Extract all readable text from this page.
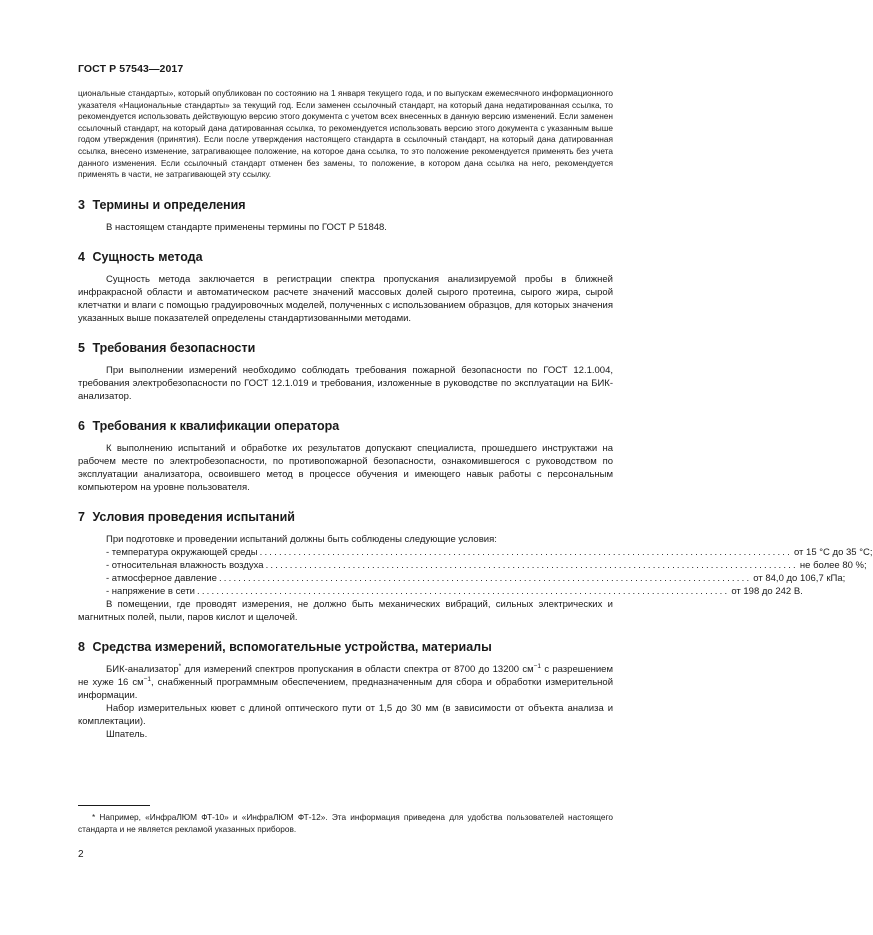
ГОСТ Р 57543—2017

циональные стандарты», который опубликован по состоянию на 1 января текущего года, и по выпускам ежемесячного информационного указателя «Национальные стандарты» за текущий год. Если заменен ссылочный стандарт, на который дана недатированная ссылка, то рекомендуется использовать действующую версию этого документа с учетом всех внесенных в данную версию изменений. Если заменен ссылочный стандарт, на который дана датированная ссылка, то рекомендуется использовать версию этого документа с указанным выше годом утверждения (принятия). Если после утверждения настоящего стандарта в ссылочный стандарт, на который дана датированная ссылка, внесено изменение, затрагивающее положение, на которое дана ссылка, то это положение рекомендуется применять без учета данного изменения. Если ссылочный стандарт отменен без замены, то положение, в котором дана ссылка на него, рекомендуется применять в части, не затрагивающей эту ссылку.

3 Термины и определения

В настоящем стандарте применены термины по ГОСТ Р 51848.

4 Сущность метода

Сущность метода заключается в регистрации спектра пропускания анализируемой пробы в ближней инфракрасной области и автоматическом расчете значений массовых долей сырого протеина, сырого жира, сырой клетчатки и влаги с помощью градуировочных моделей, полученных с использованием образцов, для которых значения указанных выше показателей определены стандартизованными методами.

5 Требования безопасности

При выполнении измерений необходимо соблюдать требования пожарной безопасности по ГОСТ 12.1.004, требования электробезопасности по ГОСТ 12.1.019 и требования, изложенные в руководстве по эксплуатации на БИК-анализатор.

6 Требования к квалификации оператора

К выполнению испытаний и обработке их результатов допускают специалиста, прошедшего инструктажи на рабочем месте по электробезопасности, по противопожарной безопасности, ознакомившегося с руководством по эксплуатации анализатора, освоившего метод в процессе обучения и имеющего навык работы с персональным компьютером на уровне пользователя.

7 Условия проведения испытаний

При подготовке и проведении испытаний должны быть соблюдены следующие условия:

- температура окружающей среды .............................................................................................................. от 15 °С до 35 °С;
- относительная влажность воздуха .............................................................................................................. не более 80 %;
- атмосферное давление .............................................................................................................. от 84,0 до 106,7 кПа;
- напряжение в сети .............................................................................................................. от 198 до 242 В.

В помещении, где проводят измерения, не должно быть механических вибраций, сильных электрических и магнитных полей, пыли, паров кислот и щелочей.

8 Средства измерений, вспомогательные устройства, материалы

БИК-анализатор* для измерений спектров пропускания в области спектра от 8700 до 13200 $см^{-1}$ с разрешением не хуже 16 $см^{-1}$, снабженный программным обеспечением, предназначенным для сбора и обработки измерительной информации.

Набор измерительных кювет с длиной оптического пути от 1,5 до 30 мм (в зависимости от объекта анализа и комплектации).

Шпатель.

* Например, «ИнфраЛЮМ ФТ-10» и «ИнфраЛЮМ ФТ-12». Эта информация приведена для удобства пользователей настоящего стандарта и не является рекламой указанных приборов.
2
